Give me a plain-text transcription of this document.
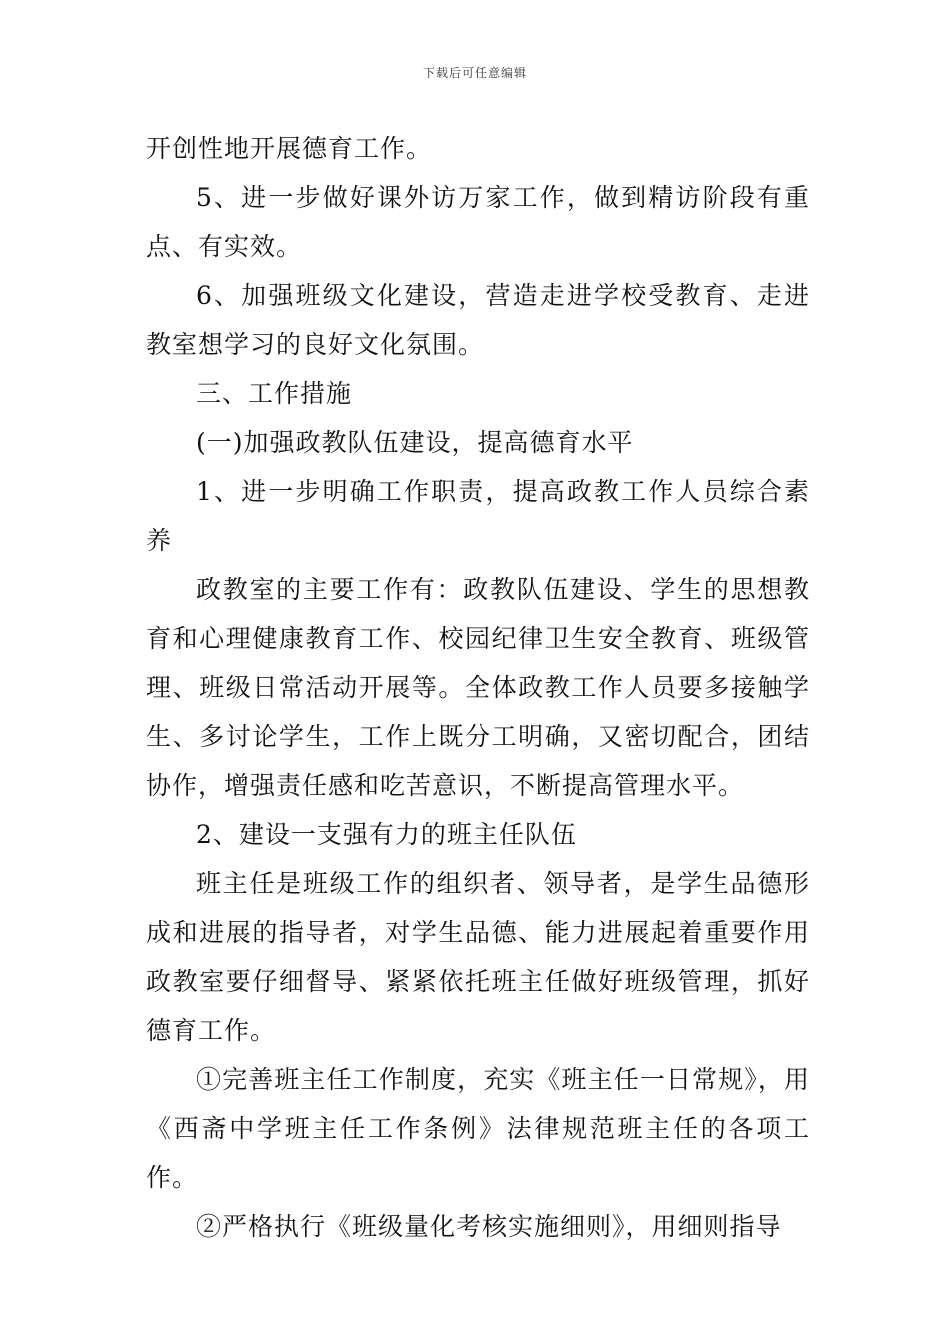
下载后可任意编辑

开创性地开展德育工作。

5、进一步做好课外访万家工作，做到精访阶段有重点、有实效。

6、加强班级文化建设，营造走进学校受教育、走进教室想学习的良好文化氛围。

三、工作措施

(一)加强政教队伍建设，提高德育水平

1、进一步明确工作职责，提高政教工作人员综合素养

政教室的主要工作有：政教队伍建设、学生的思想教育和心理健康教育工作、校园纪律卫生安全教育、班级管理、班级日常活动开展等。全体政教工作人员要多接触学生、多讨论学生，工作上既分工明确，又密切配合，团结协作，增强责任感和吃苦意识，不断提高管理水平。

2、建设一支强有力的班主任队伍

班主任是班级工作的组织者、领导者，是学生品德形成和进展的指导者，对学生品德、能力进展起着重要作用政教室要仔细督导、紧紧依托班主任做好班级管理，抓好德育工作。

①完善班主任工作制度，充实《班主任一日常规》，用《西斋中学班主任工作条例》法律规范班主任的各项工作。

②严格执行《班级量化考核实施细则》，用细则指导
